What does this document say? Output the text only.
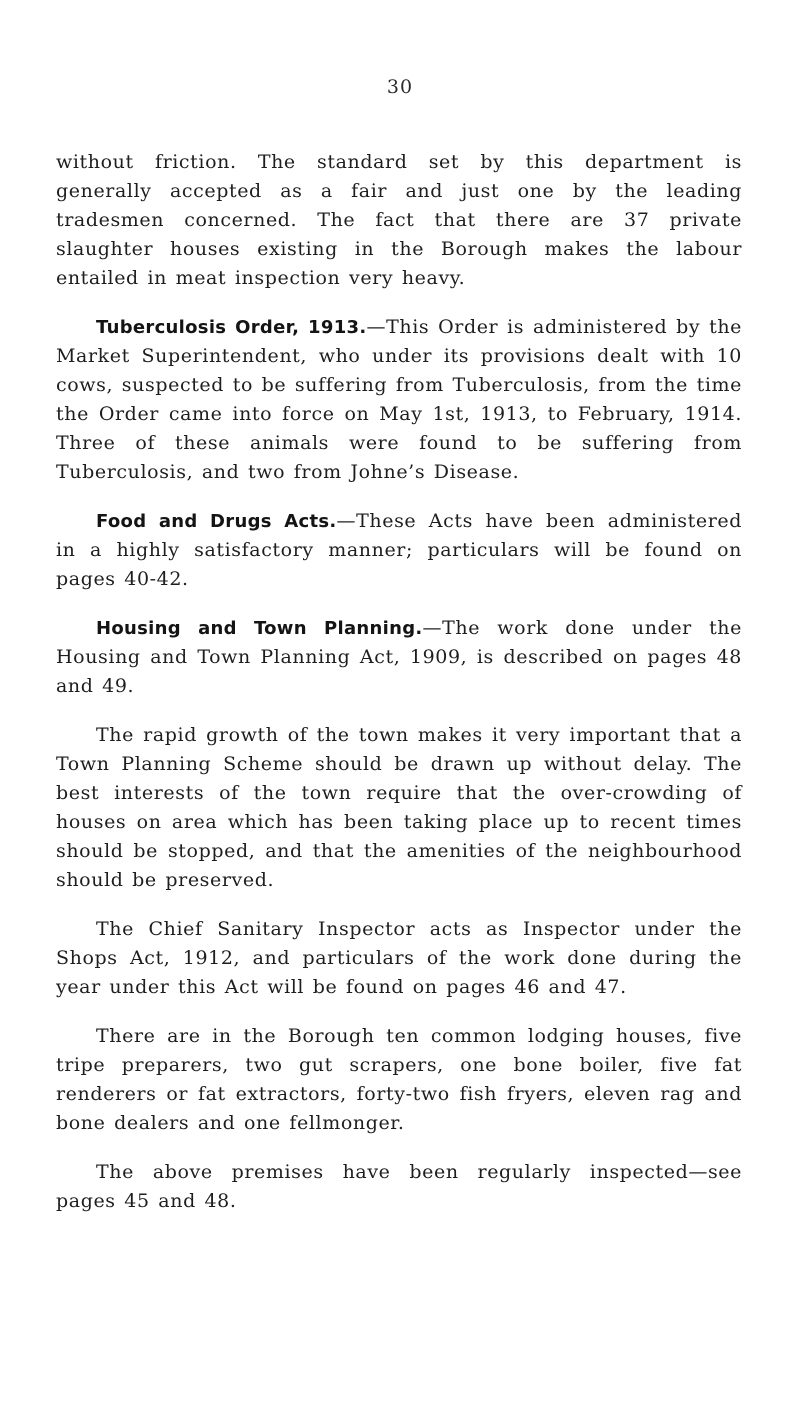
30

without friction. The standard set by this department is generally accepted as a fair and just one by the leading tradesmen concerned. The fact that there are 37 private slaughter houses existing in the Borough makes the labour entailed in meat inspection very heavy.

Tuberculosis Order, 1913.—This Order is administered by the Market Superintendent, who under its provisions dealt with 10 cows, suspected to be suffering from Tuberculosis, from the time the Order came into force on May 1st, 1913, to February, 1914. Three of these animals were found to be suffering from Tuberculosis, and two from Johne’s Disease.

Food and Drugs Acts.—These Acts have been administered in a highly satisfactory manner; particulars will be found on pages 40-42.

Housing and Town Planning.—The work done under the Housing and Town Planning Act, 1909, is described on pages 48 and 49.

The rapid growth of the town makes it very important that a Town Planning Scheme should be drawn up without delay. The best interests of the town require that the over-crowding of houses on area which has been taking place up to recent times should be stopped, and that the amenities of the neighbourhood should be preserved.

The Chief Sanitary Inspector acts as Inspector under the Shops Act, 1912, and particulars of the work done during the year under this Act will be found on pages 46 and 47.

There are in the Borough ten common lodging houses, five tripe preparers, two gut scrapers, one bone boiler, five fat renderers or fat extractors, forty-two fish fryers, eleven rag and bone dealers and one fellmonger.

The above premises have been regularly inspected—see pages 45 and 48.
